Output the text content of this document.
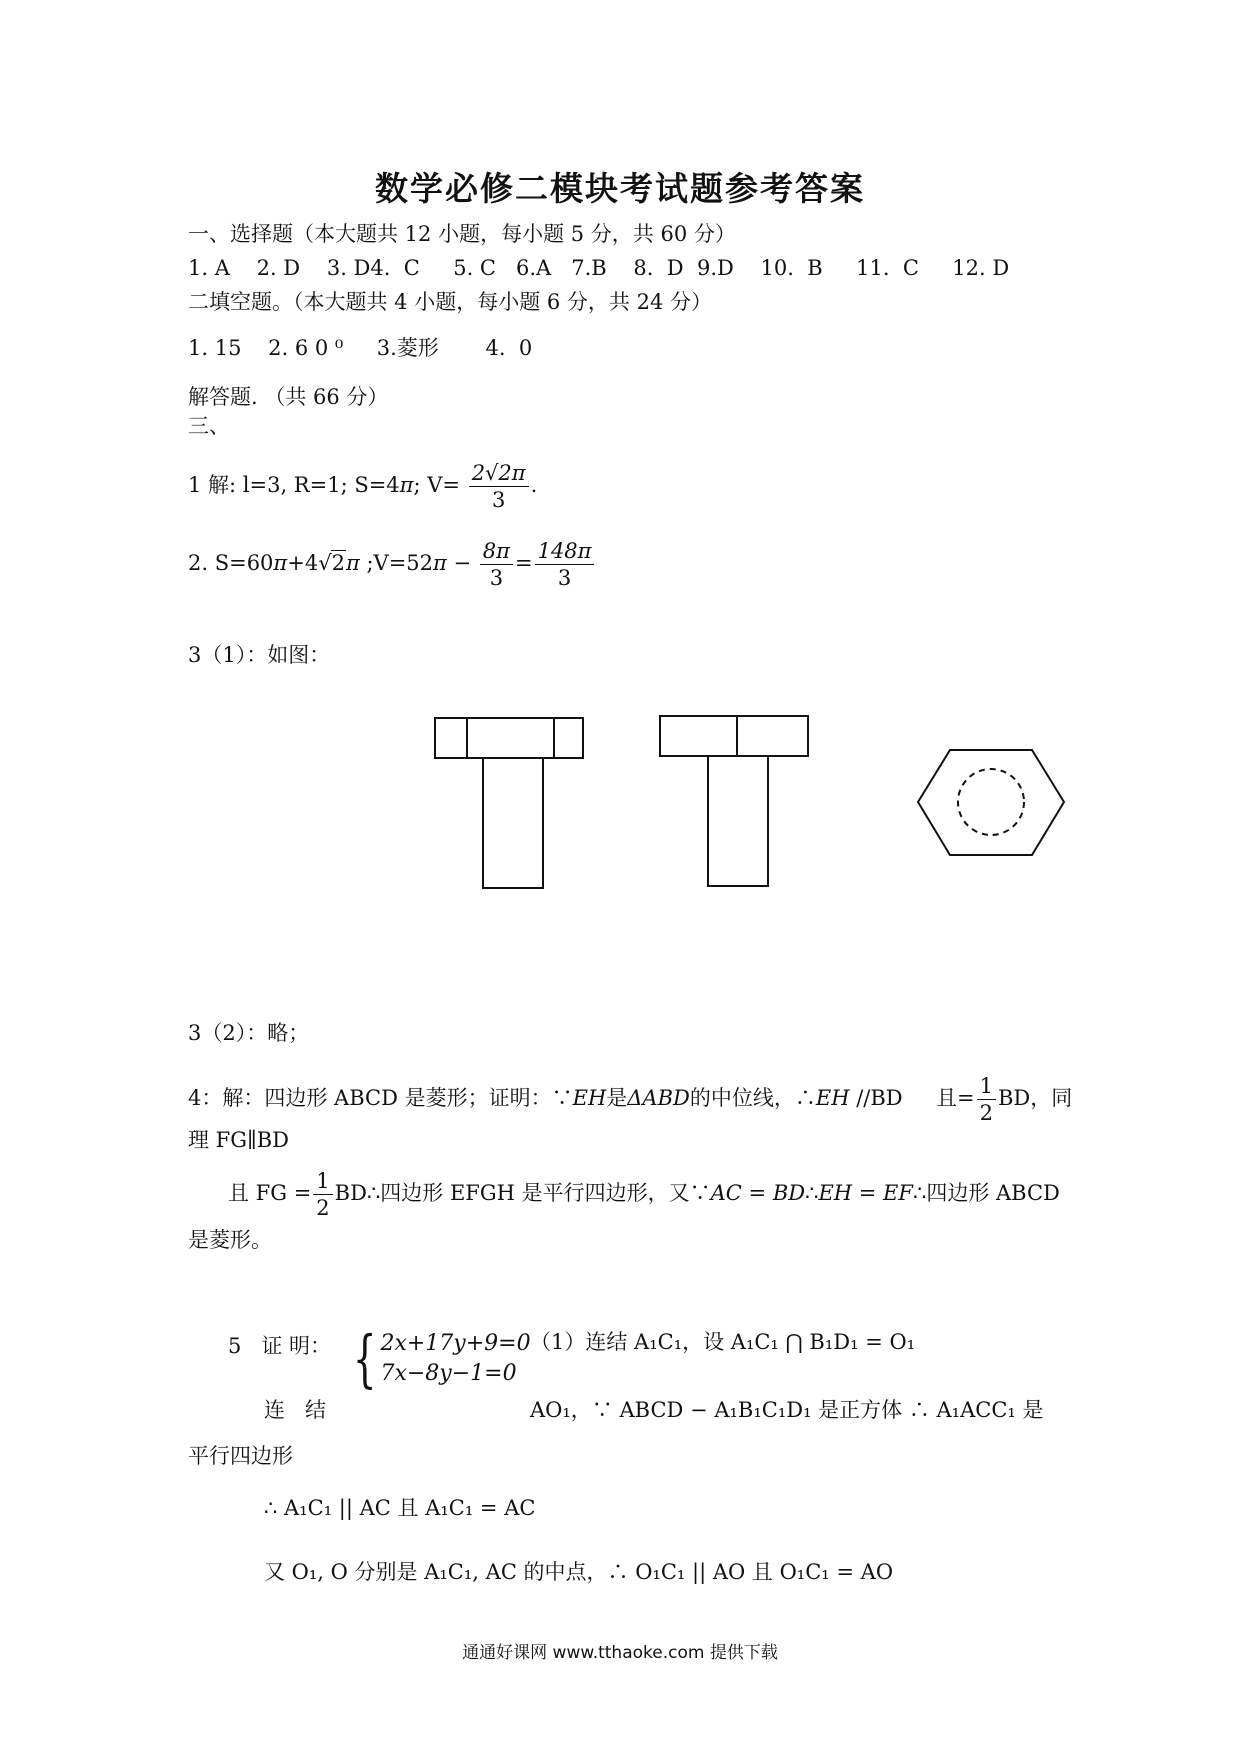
数学必修二模块考试题参考答案
一、选择题（本大题共 12 小题，每小题 5 分，共 60 分）
1. A    2. D    3. D4.  C     5. C   6.A   7.B    8.  D  9.D    10.  B     11.  C     12. D
二填空题。（本大题共 4 小题，每小题 6 分，共 24 分）
1. 15    2. 6 0 ⁰     3.菱形       4.  0
解答题. （共 66 分）
三、
1 解: l=3, R=1; S=4π; $V= \frac{2√2\pi}{3}$ .
2. S=60π+4√2π ;V=52π − $\frac{8\pi}{3} = \frac{148\pi}{3}$
3（1）：如图：
3（2）：略；
4：解：四边形 ABCD 是菱形；证明：∵EH是ΔABD的中位线，∴EH //BD     且= $\frac{1}{2}$ BD，同
理 FG∥BD
且 FG = $\frac{1}{2}$ BD∴四边形 EFGH 是平行四边形，又∵AC = BD∴EH = EF∴四边形 ABCD
是菱形。
5   证 明： { 2x+17y+9=0
7x−8y−1=0
（1）连结 A₁C₁，设 A₁C₁ ⋂ B₁D₁ = O₁
连   结	AO₁，∵ ABCD − A₁B₁C₁D₁ 是正方体 ∴ A₁ACC₁ 是
平行四边形
∴ A₁C₁ || AC 且 A₁C₁ = AC
又 O₁, O 分别是 A₁C₁, AC 的中点，∴ O₁C₁ || AO 且 O₁C₁ = AO
通通好课网 www.tthaoke.com 提供下载
